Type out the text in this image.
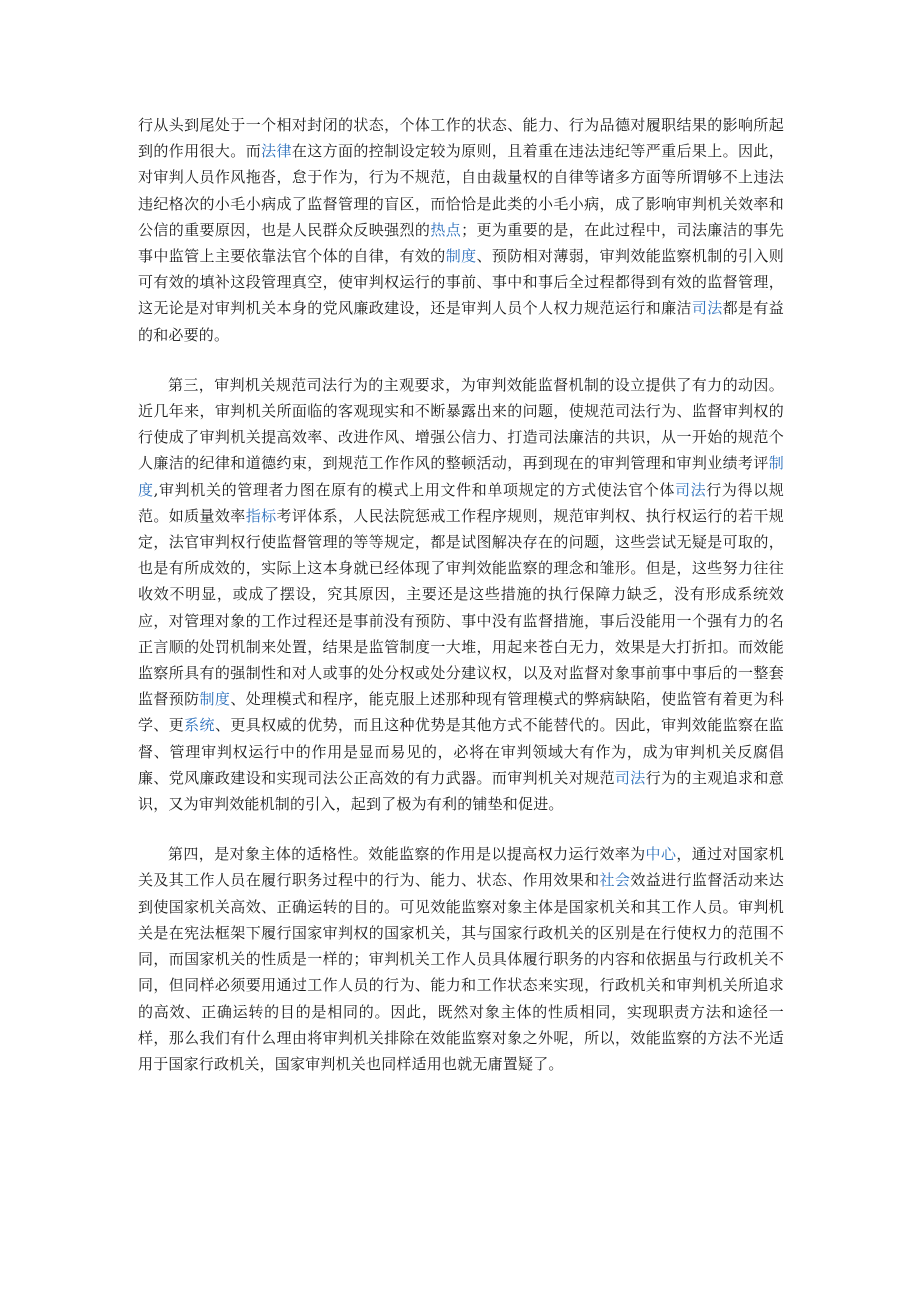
行从头到尾处于一个相对封闭的状态，个体工作的状态、能力、行为品德对履职结果的影响所起到的作用很大。而法律在这方面的控制设定较为原则，且着重在违法违纪等严重后果上。因此，对审判人员作风拖沓，怠于作为，行为不规范，自由裁量权的自律等诸多方面等所谓够不上违法违纪格次的小毛小病成了监督管理的盲区，而恰恰是此类的小毛小病，成了影响审判机关效率和公信的重要原因，也是人民群众反映强烈的热点；更为重要的是，在此过程中，司法廉洁的事先事中监管上主要依靠法官个体的自律，有效的制度、预防相对薄弱，审判效能监察机制的引入则可有效的填补这段管理真空，使审判权运行的事前、事中和事后全过程都得到有效的监督管理，这无论是对审判机关本身的党风廉政建设，还是审判人员个人权力规范运行和廉洁司法都是有益的和必要的。

第三，审判机关规范司法行为的主观要求，为审判效能监督机制的设立提供了有力的动因。近几年来，审判机关所面临的客观现实和不断暴露出来的问题，使规范司法行为、监督审判权的行使成了审判机关提高效率、改进作风、增强公信力、打造司法廉洁的共识，从一开始的规范个人廉洁的纪律和道德约束，到规范工作作风的整顿活动，再到现在的审判管理和审判业绩考评制度,审判机关的管理者力图在原有的模式上用文件和单项规定的方式使法官个体司法行为得以规范。如质量效率指标考评体系，人民法院惩戒工作程序规则，规范审判权、执行权运行的若干规定，法官审判权行使监督管理的等等规定，都是试图解决存在的问题，这些尝试无疑是可取的，也是有所成效的，实际上这本身就已经体现了审判效能监察的理念和雏形。但是，这些努力往往收效不明显，或成了摆设，究其原因，主要还是这些措施的执行保障力缺乏，没有形成系统效应，对管理对象的工作过程还是事前没有预防、事中没有监督措施，事后没能用一个强有力的名正言顺的处罚机制来处置，结果是监管制度一大堆，用起来苍白无力，效果是大打折扣。而效能监察所具有的强制性和对人或事的处分权或处分建议权，以及对监督对象事前事中事后的一整套监督预防制度、处理模式和程序，能克服上述那种现有管理模式的弊病缺陷，使监管有着更为科学、更系统、更具权威的优势，而且这种优势是其他方式不能替代的。因此，审判效能监察在监督、管理审判权运行中的作用是显而易见的，必将在审判领域大有作为，成为审判机关反腐倡廉、党风廉政建设和实现司法公正高效的有力武器。而审判机关对规范司法行为的主观追求和意识，又为审判效能机制的引入，起到了极为有利的铺垫和促进。

第四，是对象主体的适格性。效能监察的作用是以提高权力运行效率为中心，通过对国家机关及其工作人员在履行职务过程中的行为、能力、状态、作用效果和社会效益进行监督活动来达到使国家机关高效、正确运转的目的。可见效能监察对象主体是国家机关和其工作人员。审判机关是在宪法框架下履行国家审判权的国家机关，其与国家行政机关的区别是在行使权力的范围不同，而国家机关的性质是一样的；审判机关工作人员具体履行职务的内容和依据虽与行政机关不同，但同样必须要用通过工作人员的行为、能力和工作状态来实现，行政机关和审判机关所追求的高效、正确运转的目的是相同的。因此，既然对象主体的性质相同，实现职责方法和途径一样，那么我们有什么理由将审判机关排除在效能监察对象之外呢，所以，效能监察的方法不光适用于国家行政机关，国家审判机关也同样适用也就无庸置疑了。
